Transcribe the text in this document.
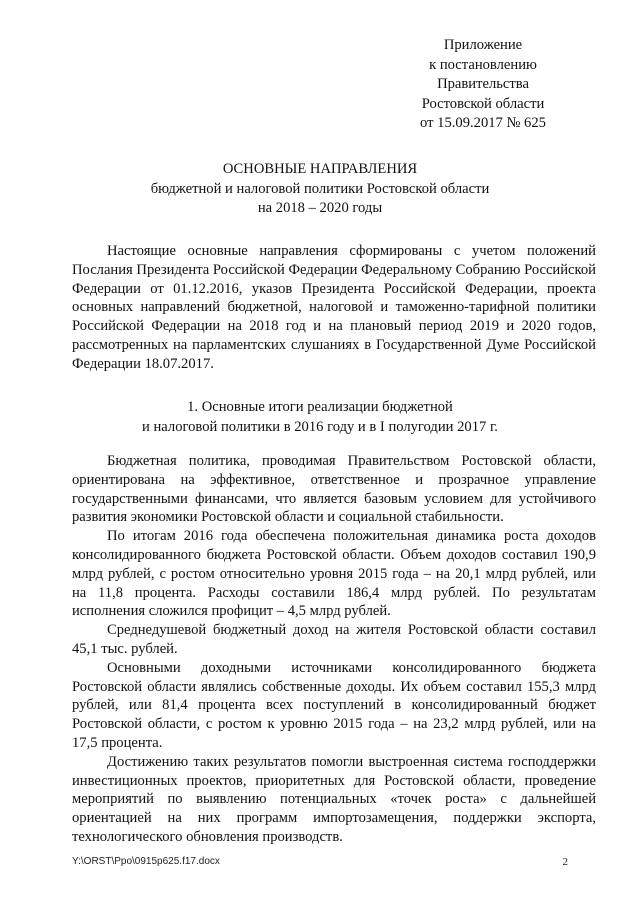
Приложение
к постановлению
Правительства
Ростовской области
от 15.09.2017 № 625
ОСНОВНЫЕ НАПРАВЛЕНИЯ
бюджетной и налоговой политики Ростовской области
на 2018 – 2020 годы

Настоящие основные направления сформированы с учетом положений Послания Президента Российской Федерации Федеральному Собранию Российской Федерации от 01.12.2016, указов Президента Российской Федерации, проекта основных направлений бюджетной, налоговой и таможенно-тарифной политики Российской Федерации на 2018 год и на плановый период 2019 и 2020 годов, рассмотренных на парламентских слушаниях в Государственной Думе Российской Федерации 18.07.2017.

1. Основные итоги реализации бюджетной
и налоговой политики в 2016 году и в I полугодии 2017 г.

Бюджетная политика, проводимая Правительством Ростовской области, ориентирована на эффективное, ответственное и прозрачное управление государственными финансами, что является базовым условием для устойчивого развития экономики Ростовской области и социальной стабильности.

По итогам 2016 года обеспечена положительная динамика роста доходов консолидированного бюджета Ростовской области. Объем доходов составил 190,9 млрд рублей, с ростом относительно уровня 2015 года – на 20,1 млрд рублей, или на 11,8 процента. Расходы составили 186,4 млрд рублей. По результатам исполнения сложился профицит – 4,5 млрд рублей.

Среднедушевой бюджетный доход на жителя Ростовской области составил 45,1 тыс. рублей.

Основными доходными источниками консолидированного бюджета Ростовской области являлись собственные доходы. Их объем составил 155,3 млрд рублей, или 81,4 процента всех поступлений в консолидированный бюджет Ростовской области, с ростом к уровню 2015 года – на 23,2 млрд рублей, или на 17,5 процента.

Достижению таких результатов помогли выстроенная система господдержки инвестиционных проектов, приоритетных для Ростовской области, проведение мероприятий по выявлению потенциальных «точек роста» с дальнейшей ориентацией на них программ импортозамещения, поддержки экспорта, технологического обновления производств.

Y:\ORST\Ppo\0915p625.f17.docx	2
